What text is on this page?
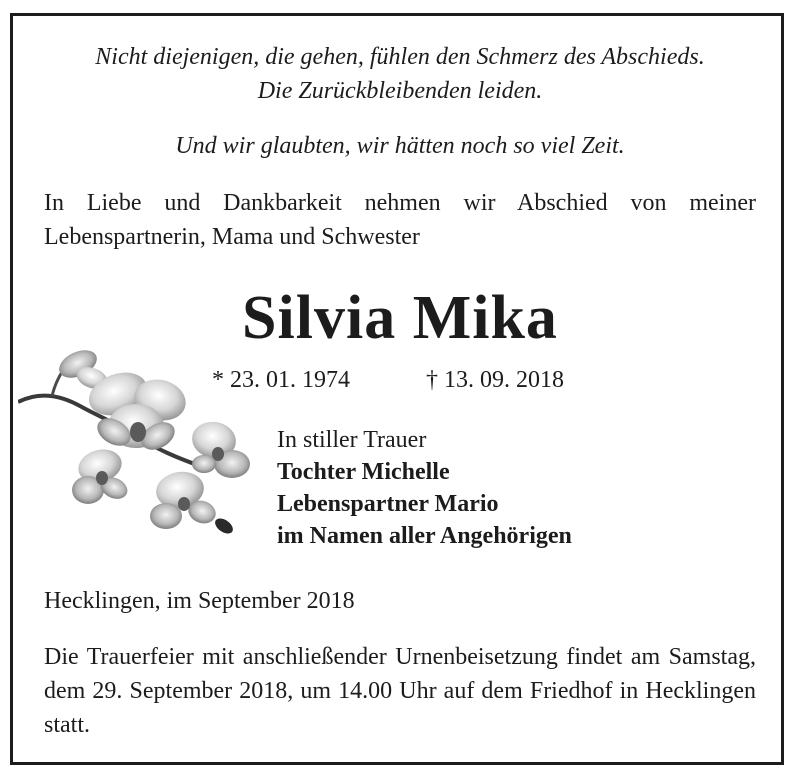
Nicht diejenigen, die gehen, fühlen den Schmerz des Abschieds.
Die Zurückbleibenden leiden.
Und wir glaubten, wir hätten noch so viel Zeit.
In Liebe und Dankbarkeit nehmen wir Abschied von meiner Lebenspartnerin, Mama und Schwester
Silvia Mika
* 23. 01. 1974	† 13. 09. 2018
In stiller Trauer
Tochter Michelle
Lebenspartner Mario
im Namen aller Angehörigen
Hecklingen, im September 2018
Die Trauerfeier mit anschließender Urnenbeisetzung findet am Samstag, dem 29. September 2018, um 14.00 Uhr auf dem Friedhof in Hecklingen statt.
